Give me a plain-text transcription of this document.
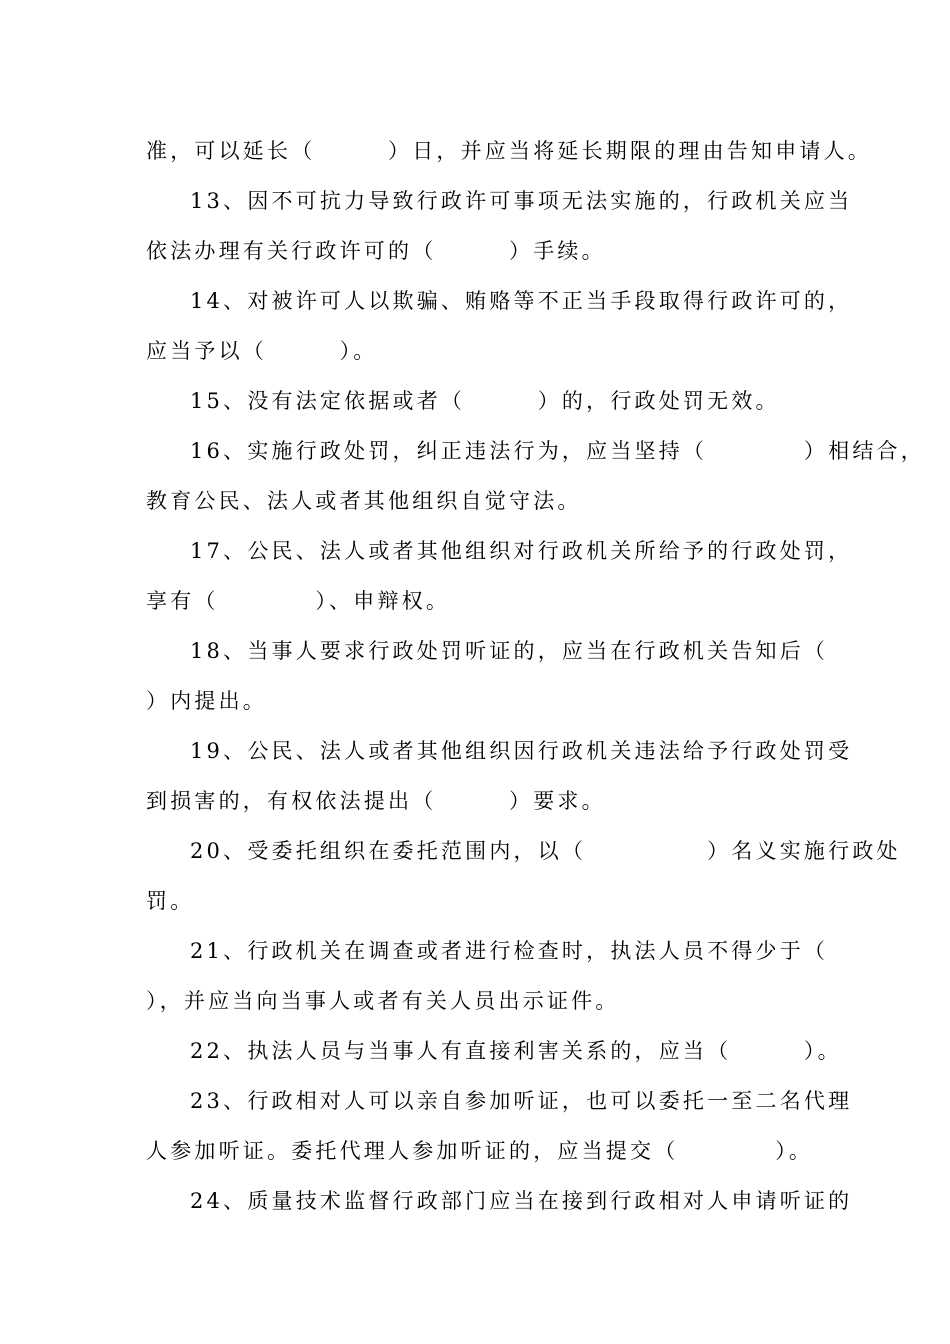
准，可以延长（　　　）日，并应当将延长期限的理由告知申请人。
13、因不可抗力导致行政许可事项无法实施的，行政机关应当
依法办理有关行政许可的（　　　）手续。
14、对被许可人以欺骗、贿赂等不正当手段取得行政许可的，
应当予以（　　　）。
15、没有法定依据或者（　　　）的，行政处罚无效。
16、实施行政处罚，纠正违法行为，应当坚持（　　　　）相结合，
教育公民、法人或者其他组织自觉守法。
17、公民、法人或者其他组织对行政机关所给予的行政处罚，
享有（　　　　）、申辩权。
18、当事人要求行政处罚听证的，应当在行政机关告知后（
）内提出。
19、公民、法人或者其他组织因行政机关违法给予行政处罚受
到损害的，有权依法提出（　　　）要求。
20、受委托组织在委托范围内，以（　　　　　）名义实施行政处
罚。
21、行政机关在调查或者进行检查时，执法人员不得少于（
），并应当向当事人或者有关人员出示证件。
22、执法人员与当事人有直接利害关系的，应当（　　　）。
23、行政相对人可以亲自参加听证，也可以委托一至二名代理
人参加听证。委托代理人参加听证的，应当提交（　　　　）。
24、质量技术监督行政部门应当在接到行政相对人申请听证的
